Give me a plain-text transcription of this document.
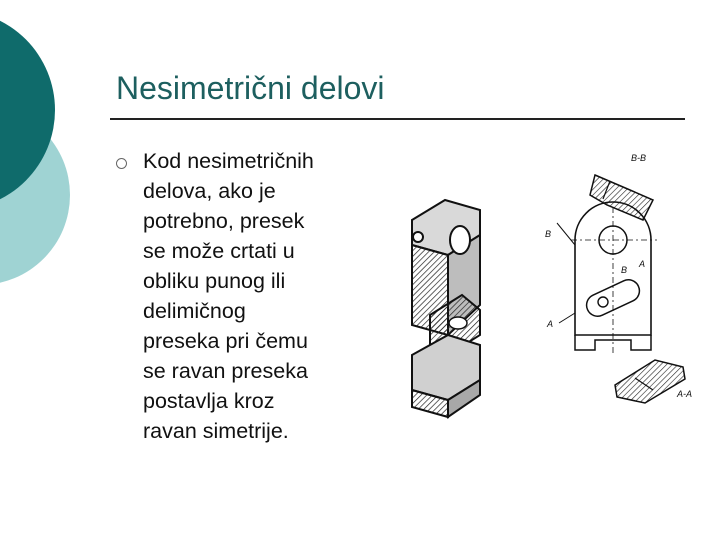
Nesimetrični delovi
Kod nesimetričnih
delova, ako je
potrebno, presek
se može crtati u
obliku punog ili
delimičnog
preseka pri čemu
se ravan preseka
postavlja kroz
ravan simetrije.
B-B
B
B
A
A
A-A
